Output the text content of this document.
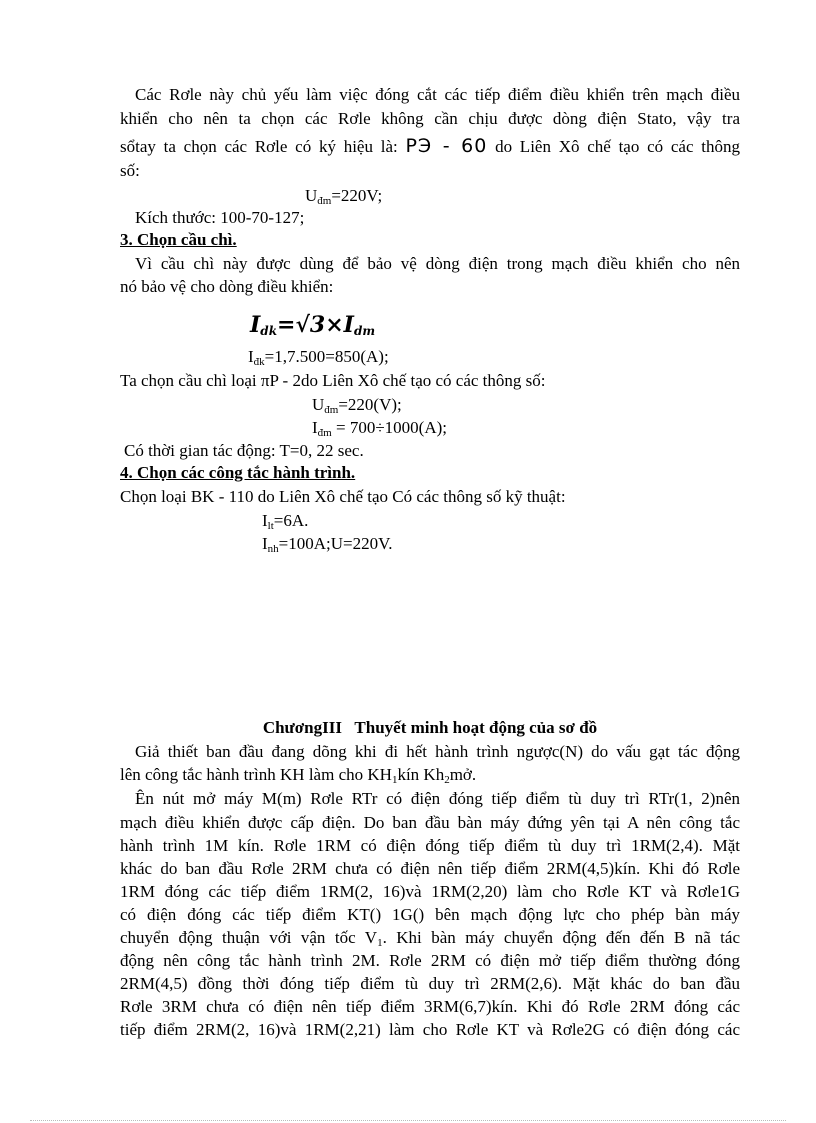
Các Rơle này chủ yếu làm việc đóng cắt các tiếp điểm điều khiển trên mạch điều
khiển cho nên ta chọn các Rơle không cần chịu được dòng điện Stato, vậy tra
sổtay ta chọn các Rơle có ký hiệu là: PЭ - 60 do Liên Xô chế tạo có các thông
số:
$U_{đm}=220V$;
Kích thước: 100-70-127;
3. Chọn cầu chì.
Vì cầu chì này được dùng để bảo vệ dòng điện trong mạch điều khiển cho nên
nó bảo vệ cho dòng điều khiển:
$I_{dk}=√3\times I_{dm}$
$I_{đk}=1,7.500=850(A)$;
Ta chọn cầu chì loại πP - 2do Liên Xô chế tạo có các thông số:
$U_{đm}=220(V)$;
$I_{đm} = 700\div 1000(A)$;
Có thời gian tác động: T=0, 22 sec.
4. Chọn các công tắc hành trình.
Chọn loại BK - 110 do Liên Xô chế tạo Có các thông số kỹ thuật:
$I_{lt}=6A$.
$I_{nh}=100A;U=220V$.
ChươngIII   Thuyết minh hoạt động của sơ đồ
Giả thiết ban đầu đang dõng khi đi hết hành trình ngược(N) do vấu gạt tác động
lên công tắc hành trình KH làm cho $KH_1kín$ $Kh_2mở$.
Ên nút mở máy M(m) Rơle RTr có điện đóng tiếp điểm tù duy trì RTr(1, 2)nên
mạch điều khiển được cấp điện. Do ban đầu bàn máy đứng yên tại A nên công tắc
hành trình 1M kín. Rơle 1RM có điện đóng tiếp điểm tù duy trì 1RM(2,4). Mặt
khác do ban đầu Rơle 2RM chưa có điện nên tiếp điểm 2RM(4,5)kín. Khi đó Rơle
1RM đóng các tiếp điểm 1RM(2, 16)và 1RM(2,20) làm cho Rơle KT và Rơle1G
có điện đóng các tiếp điểm KT() 1G() bên mạch động lực cho phép bàn máy
chuyển động thuận với vận tốc $V_1$. Khi bàn máy chuyển động đến đến B nã tác
động nên công tắc hành trình 2M. Rơle 2RM có điện mở tiếp điểm thường đóng
2RM(4,5) đồng thời đóng tiếp điểm tù duy trì 2RM(2,6). Mặt khác do ban đầu
Rơle 3RM chưa có điện nên tiếp điểm 3RM(6,7)kín. Khi đó Rơle 2RM đóng các
tiếp điểm 2RM(2, 16)và 1RM(2,21) làm cho Rơle KT và Rơle2G có điện đóng các
